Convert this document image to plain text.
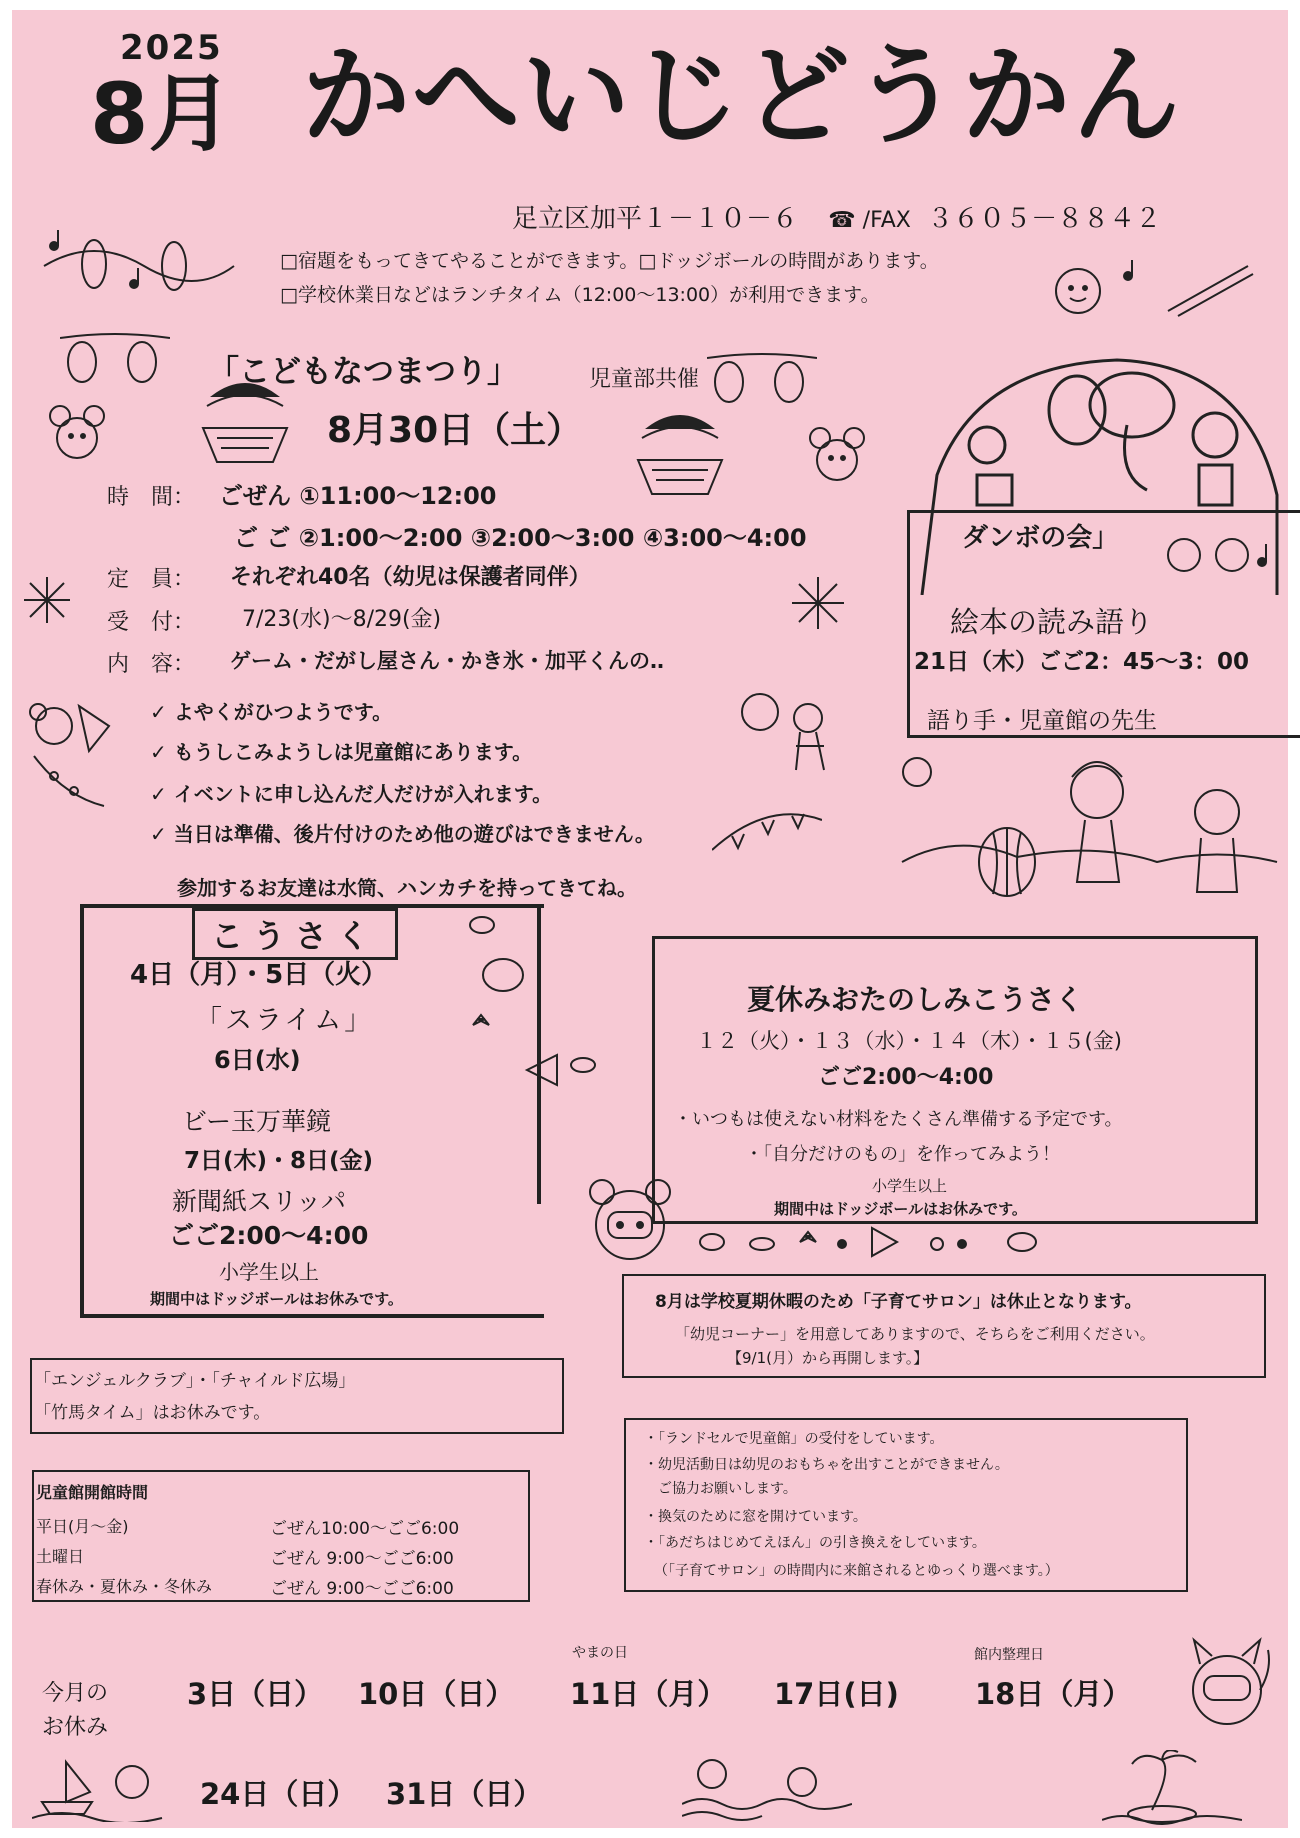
2025
8月 かへいじどうかん
足立区加平１－１０－６ ☎ /FAX ３６０５－８８４２
□宿題をもってきてやることができます。□ドッジボールの時間があります。
□学校休業日などはランチタイム（12:00～13:00）が利用できます。
「こどもなつまつり」	児童部共催
8月30日（土）
時　間： ごぜん ①11:00～12:00
ご ご ②1:00～2:00 ③2:00～3:00 ④3:00～4:00
定　員： それぞれ40名（幼児は保護者同伴）
受　付： 7/23(水)～8/29(金)
内　容： ゲーム・だがし屋さん・かき氷・加平くんの‥
✓ よやくがひつようです。
✓ もうしこみようしは児童館にあります。
✓ イベントに申し込んだ人だけが入れます。
✓ 当日は準備、後片付けのため他の遊びはできません。
参加するお友達は水筒、ハンカチを持ってきてね。
ダンボの会」
絵本の読み語り
21日（木）ごご2：45～3：00
語り手・児童館の先生
こうさく
4日（月）・5日（火）
「スライム」
6日(水)
ビー玉万華鏡
7日(木)・8日(金)
新聞紙スリッパ
ごご2:00～4:00
小学生以上
期間中はドッジボールはお休みです。
夏休みおたのしみこうさく
１２（火）・１３（水）・１４（木）・１５(金)
ごご2:00～4:00
・いつもは使えない材料をたくさん準備する予定です。
・「自分だけのもの」を作ってみよう！
小学生以上
期間中はドッジボールはお休みです。
8月は学校夏期休暇のため「子育てサロン」は休止となります。
「幼児コーナー」を用意してありますので、そちらをご利用ください。
【9/1(月）から再開します。】
「エンジェルクラブ」・「チャイルド広場」
「竹馬タイム」はお休みです。
児童館開館時間
平日(月～金)	ごぜん10:00～ごご6:00
土曜日	ごぜん 9:00～ごご6:00
春休み・夏休み・冬休み	ごぜん 9:00～ごご6:00
・「ランドセルで児童館」の受付をしています。
・幼児活動日は幼児のおもちゃを出すことができません。
　ご協力お願いします。
・換気のために窓を開けています。
・「あだちはじめてえほん」の引き換えをしています。
（「子育てサロン」の時間内に来館されるとゆっくり選べます。）
今月の
お休み
やまの日	館内整理日
3日（日） 10日（日） 11日（月） 17日(日)	18日（月）
24日（日） 31日（日）
